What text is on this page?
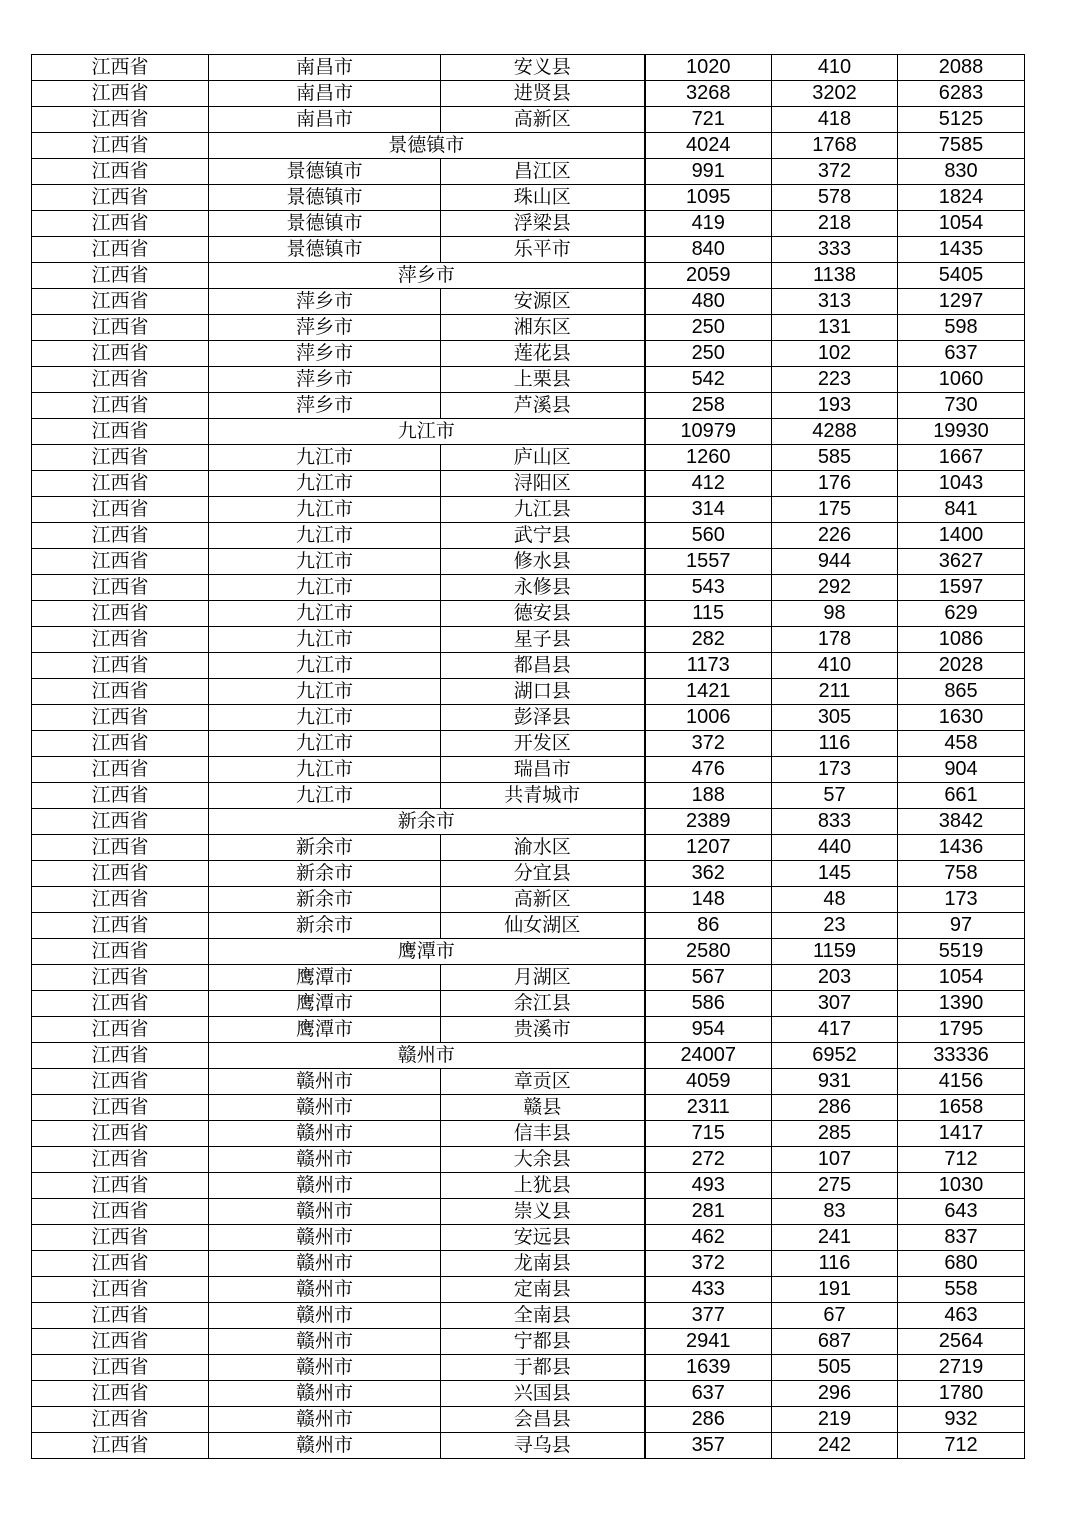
江西省	南昌市	安义县	1020	410	2088
江西省	南昌市	进贤县	3268	3202	6283
江西省	南昌市	高新区	721	418	5125
江西省	景德镇市		4024	1768	7585
江西省	景德镇市	昌江区	991	372	830
江西省	景德镇市	珠山区	1095	578	1824
江西省	景德镇市	浮梁县	419	218	1054
江西省	景德镇市	乐平市	840	333	1435
江西省	萍乡市		2059	1138	5405
江西省	萍乡市	安源区	480	313	1297
江西省	萍乡市	湘东区	250	131	598
江西省	萍乡市	莲花县	250	102	637
江西省	萍乡市	上栗县	542	223	1060
江西省	萍乡市	芦溪县	258	193	730
江西省	九江市		10979	4288	19930
江西省	九江市	庐山区	1260	585	1667
江西省	九江市	浔阳区	412	176	1043
江西省	九江市	九江县	314	175	841
江西省	九江市	武宁县	560	226	1400
江西省	九江市	修水县	1557	944	3627
江西省	九江市	永修县	543	292	1597
江西省	九江市	德安县	115	98	629
江西省	九江市	星子县	282	178	1086
江西省	九江市	都昌县	1173	410	2028
江西省	九江市	湖口县	1421	211	865
江西省	九江市	彭泽县	1006	305	1630
江西省	九江市	开发区	372	116	458
江西省	九江市	瑞昌市	476	173	904
江西省	九江市	共青城市	188	57	661
江西省	新余市		2389	833	3842
江西省	新余市	渝水区	1207	440	1436
江西省	新余市	分宜县	362	145	758
江西省	新余市	高新区	148	48	173
江西省	新余市	仙女湖区	86	23	97
江西省	鹰潭市		2580	1159	5519
江西省	鹰潭市	月湖区	567	203	1054
江西省	鹰潭市	余江县	586	307	1390
江西省	鹰潭市	贵溪市	954	417	1795
江西省	赣州市		24007	6952	33336
江西省	赣州市	章贡区	4059	931	4156
江西省	赣州市	赣县	2311	286	1658
江西省	赣州市	信丰县	715	285	1417
江西省	赣州市	大余县	272	107	712
江西省	赣州市	上犹县	493	275	1030
江西省	赣州市	崇义县	281	83	643
江西省	赣州市	安远县	462	241	837
江西省	赣州市	龙南县	372	116	680
江西省	赣州市	定南县	433	191	558
江西省	赣州市	全南县	377	67	463
江西省	赣州市	宁都县	2941	687	2564
江西省	赣州市	于都县	1639	505	2719
江西省	赣州市	兴国县	637	296	1780
江西省	赣州市	会昌县	286	219	932
江西省	赣州市	寻乌县	357	242	712
